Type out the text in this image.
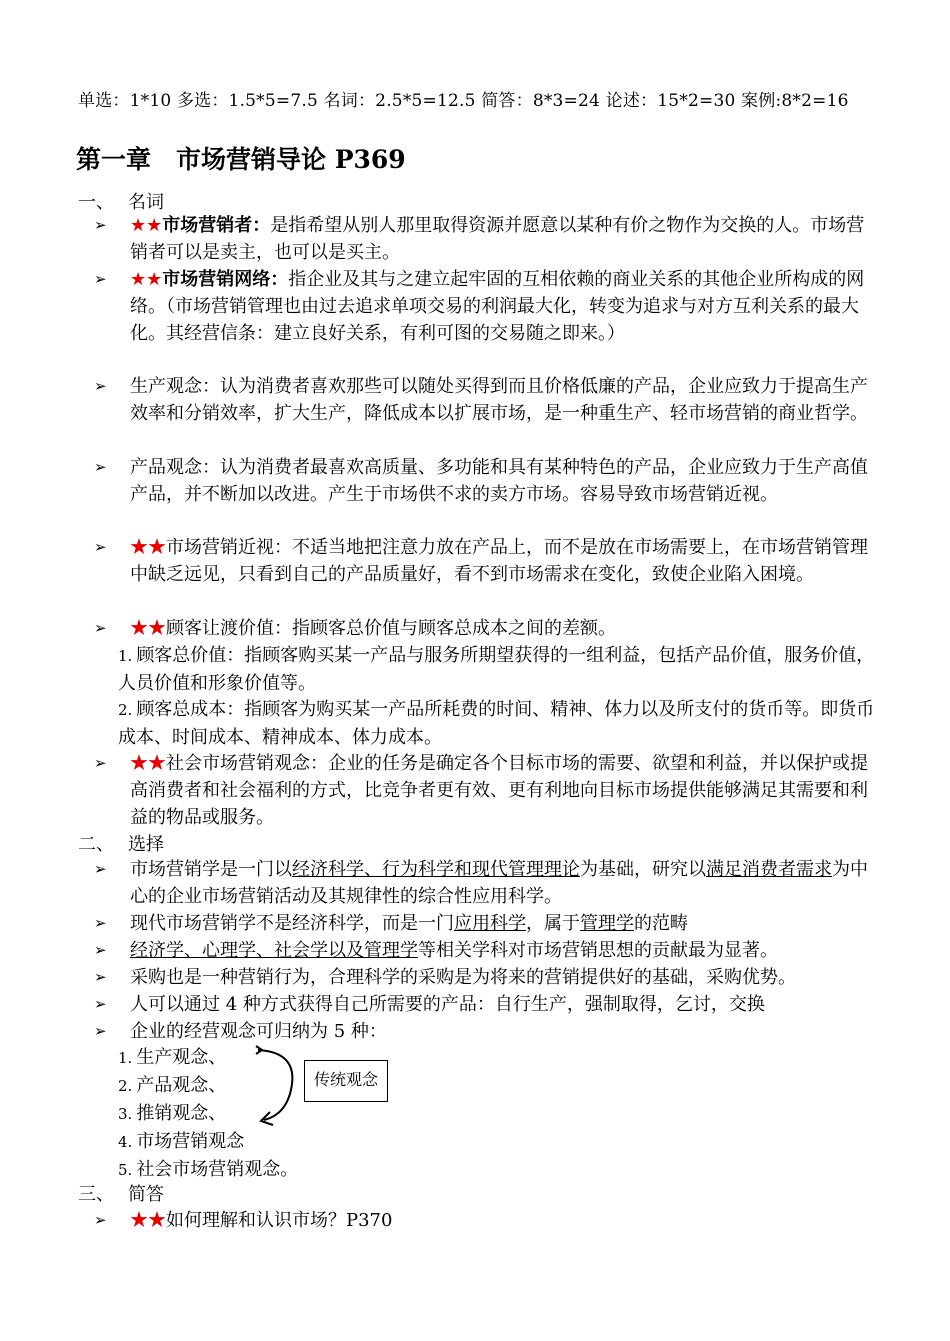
单选：1*10 多选：1.5*5=7.5 名词：2.5*5=12.5 简答：8*3=24 论述：15*2=30 案例:8*2=16
第一章　市场营销导论 P369
一、 名词
➢ ★★市场营销者：是指希望从别人那里取得资源并愿意以某种有价之物作为交换的人。市场营销者可以是卖主，也可以是买主。
➢ ★★市场营销网络：指企业及其与之建立起牢固的互相依赖的商业关系的其他企业所构成的网络。（市场营销管理也由过去追求单项交易的利润最大化，转变为追求与对方互利关系的最大化。其经营信条：建立良好关系，有利可图的交易随之即来。）
➢ 生产观念：认为消费者喜欢那些可以随处买得到而且价格低廉的产品，企业应致力于提高生产效率和分销效率，扩大生产，降低成本以扩展市场，是一种重生产、轻市场营销的商业哲学。
➢ 产品观念：认为消费者最喜欢高质量、多功能和具有某种特色的产品，企业应致力于生产高值产品，并不断加以改进。产生于市场供不求的卖方市场。容易导致市场营销近视。
➢ ★★市场营销近视：不适当地把注意力放在产品上，而不是放在市场需要上，在市场营销管理中缺乏远见，只看到自己的产品质量好，看不到市场需求在变化，致使企业陷入困境。
➢ ★★顾客让渡价值：指顾客总价值与顾客总成本之间的差额。
1. 顾客总价值：指顾客购买某一产品与服务所期望获得的一组利益，包括产品价值，服务价值，人员价值和形象价值等。
2. 顾客总成本：指顾客为购买某一产品所耗费的时间、精神、体力以及所支付的货币等。即货币成本、时间成本、精神成本、体力成本。
➢ ★★社会市场营销观念：企业的任务是确定各个目标市场的需要、欲望和利益，并以保护或提高消费者和社会福利的方式，比竞争者更有效、更有利地向目标市场提供能够满足其需要和利益的物品或服务。
二、 选择
➢ 市场营销学是一门以经济科学、行为科学和现代管理理论为基础，研究以满足消费者需求为中心的企业市场营销活动及其规律性的综合性应用科学。
➢ 现代市场营销学不是经济科学，而是一门应用科学，属于管理学的范畴
➢ 经济学、心理学、社会学以及管理学等相关学科对市场营销思想的贡献最为显著。
➢ 采购也是一种营销行为，合理科学的采购是为将来的营销提供好的基础，采购优势。
➢ 人可以通过 4 种方式获得自己所需要的产品：自行生产，强制取得，乞讨，交换
➢ 企业的经营观念可归纳为 5 种：
1. 生产观念、
2. 产品观念、
3. 推销观念、
4. 市场营销观念
5. 社会市场营销观念。
传统观念
三、 简答
➢ ★★如何理解和认识市场？P370
